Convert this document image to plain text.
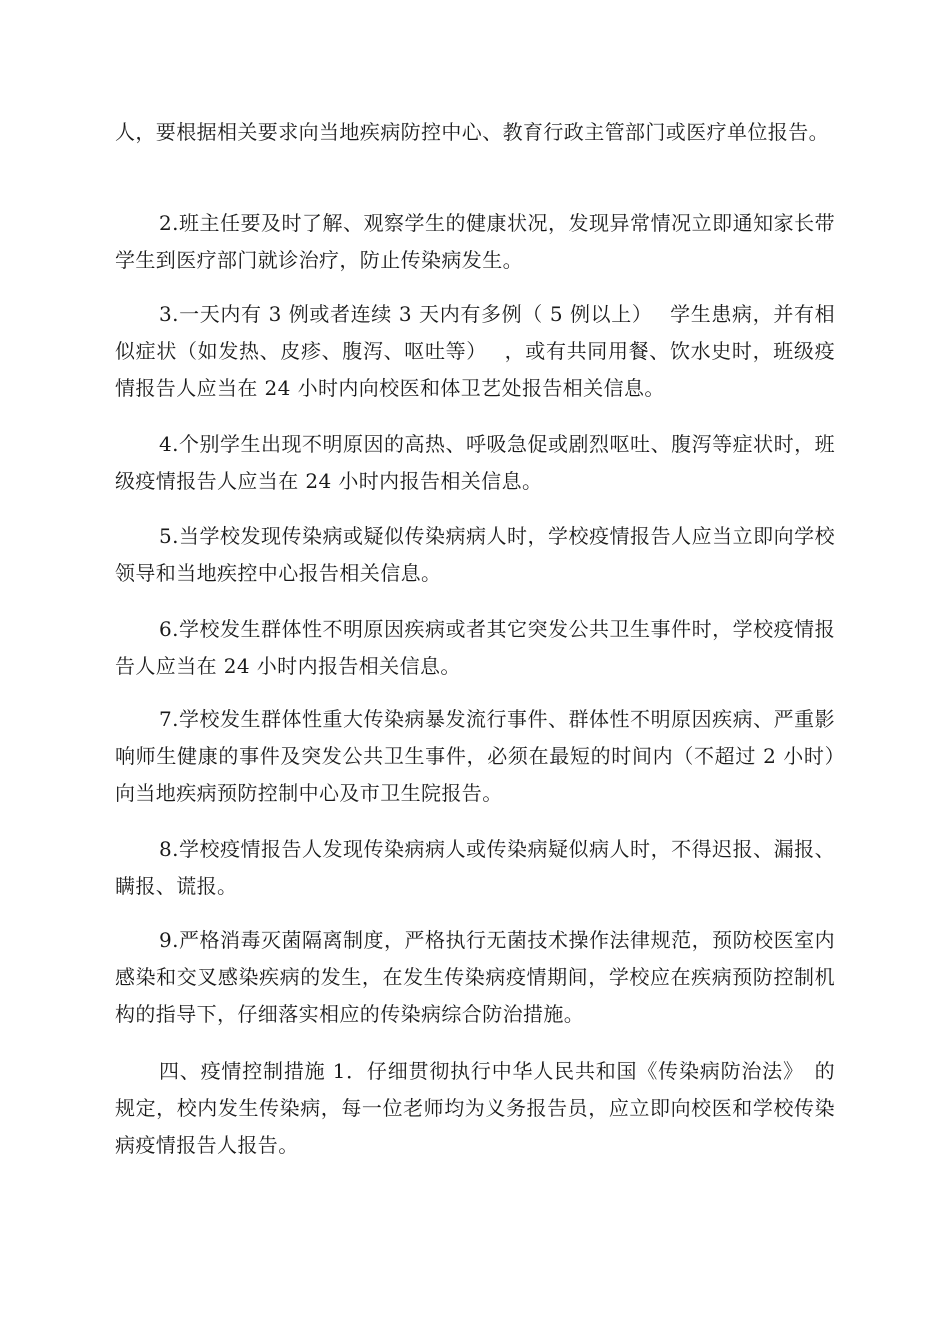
人，要根据相关要求向当地疾病防控中心、教育行政主管部门或医疗单位报告。

2.班主任要及时了解、观察学生的健康状况，发现异常情况立即通知家长带学生到医疗部门就诊治疗，防止传染病发生。

3.一天内有 3 例或者连续 3 天内有多例（ 5 例以上）　 学生患病，并有相似症状（如发热、皮疹、腹泻、呕吐等）　 ，或有共同用餐、饮水史时，班级疫情报告人应当在 24 小时内向校医和体卫艺处报告相关信息。

4.个别学生出现不明原因的高热、呼吸急促或剧烈呕吐、腹泻等症状时，班级疫情报告人应当在 24 小时内报告相关信息。

5.当学校发现传染病或疑似传染病病人时，学校疫情报告人应当立即向学校领导和当地疾控中心报告相关信息。

6.学校发生群体性不明原因疾病或者其它突发公共卫生事件时，学校疫情报告人应当在 24 小时内报告相关信息。

7.学校发生群体性重大传染病暴发流行事件、群体性不明原因疾病、严重影响师生健康的事件及突发公共卫生事件，必须在最短的时间内（不超过 2 小时）　 向当地疾病预防控制中心及市卫生院报告。

8.学校疫情报告人发现传染病病人或传染病疑似病人时，不得迟报、漏报、瞒报、谎报。

9.严格消毒灭菌隔离制度，严格执行无菌技术操作法律规范，预防校医室内感染和交叉感染疾病的发生，在发生传染病疫情期间，学校应在疾病预防控制机构的指导下，仔细落实相应的传染病综合防治措施。

四、疫情控制措施 1．仔细贯彻执行中华人民共和国《传染病防治法》　的规定，校内发生传染病，每一位老师均为义务报告员，应立即向校医和学校传染病疫情报告人报告。
